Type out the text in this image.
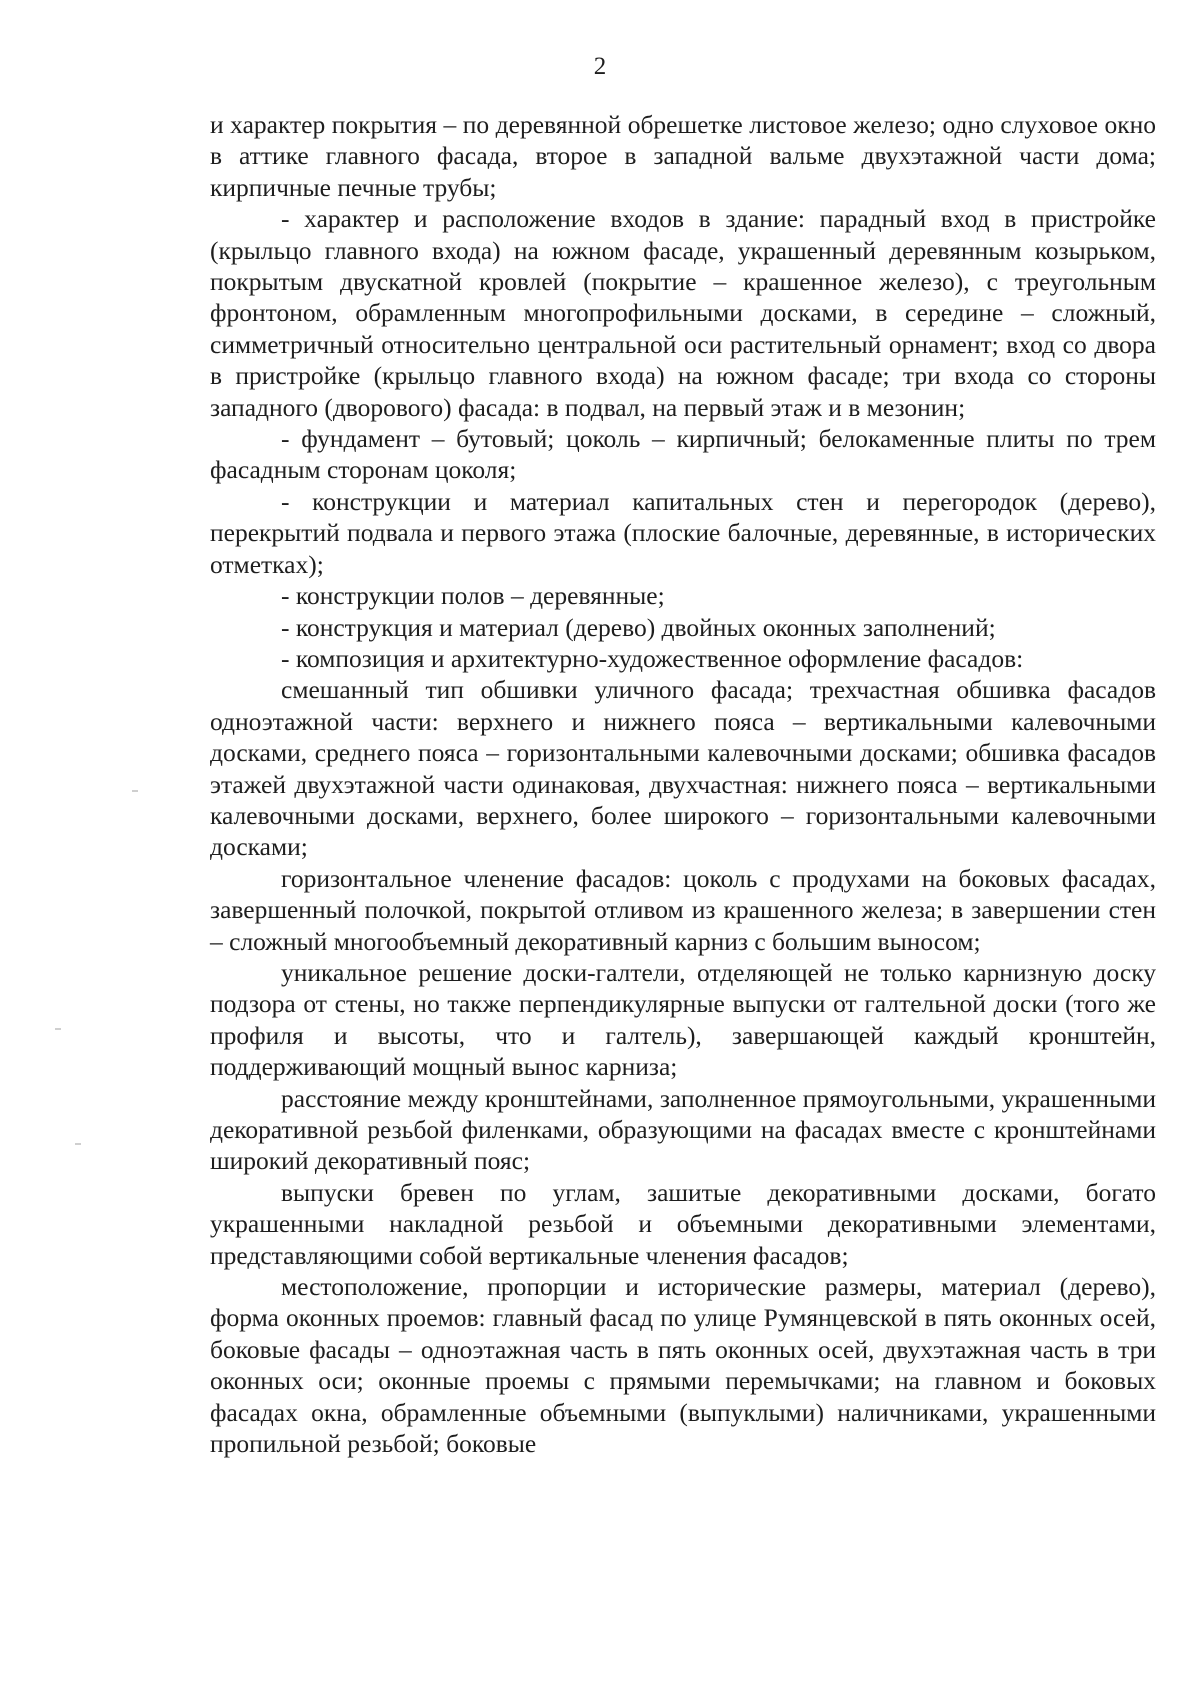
2

и характер покрытия – по деревянной обрешетке листовое железо; одно слуховое окно в аттике главного фасада, второе в западной вальме двухэтажной части дома; кирпичные печные трубы;

- характер и расположение входов в здание: парадный вход в пристройке (крыльцо главного входа) на южном фасаде, украшенный деревянным козырьком, покрытым двускатной кровлей (покрытие – крашенное железо), с треугольным фронтоном, обрамленным многопрофильными досками, в середине – сложный, симметричный относительно центральной оси растительный орнамент; вход со двора в пристройке (крыльцо главного входа) на южном фасаде; три входа со стороны западного (дворового) фасада: в подвал, на первый этаж и в мезонин;

- фундамент – бутовый; цоколь – кирпичный; белокаменные плиты по трем фасадным сторонам цоколя;

- конструкции и материал капитальных стен и перегородок (дерево), перекрытий подвала и первого этажа (плоские балочные, деревянные, в исторических отметках);

- конструкции полов – деревянные;

- конструкция и материал (дерево) двойных оконных заполнений;

- композиция и архитектурно-художественное оформление фасадов:

смешанный тип обшивки уличного фасада; трехчастная обшивка фасадов одноэтажной части: верхнего и нижнего пояса – вертикальными калевочными досками, среднего пояса – горизонтальными калевочными досками; обшивка фасадов этажей двухэтажной части одинаковая, двухчастная: нижнего пояса – вертикальными калевочными досками, верхнего, более широкого – горизонтальными калевочными досками;

горизонтальное членение фасадов: цоколь с продухами на боковых фасадах, завершенный полочкой, покрытой отливом из крашенного железа; в завершении стен – сложный многообъемный декоративный карниз с большим выносом;

уникальное решение доски-галтели, отделяющей не только карнизную доску подзора от стены, но также перпендикулярные выпуски от галтельной доски (того же профиля и высоты, что и галтель), завершающей каждый кронштейн, поддерживающий мощный вынос карниза;

расстояние между кронштейнами, заполненное прямоугольными, украшенными декоративной резьбой филенками, образующими на фасадах вместе с кронштейнами широкий декоративный пояс;

выпуски бревен по углам, зашитые декоративными досками, богато украшенными накладной резьбой и объемными декоративными элементами, представляющими собой вертикальные членения фасадов;

местоположение, пропорции и исторические размеры, материал (дерево), форма оконных проемов: главный фасад по улице Румянцевской в пять оконных осей, боковые фасады – одноэтажная часть в пять оконных осей, двухэтажная часть в три оконных оси; оконные проемы с прямыми перемычками; на главном и боковых фасадах окна, обрамленные объемными (выпуклыми) наличниками, украшенными пропильной резьбой; боковые
